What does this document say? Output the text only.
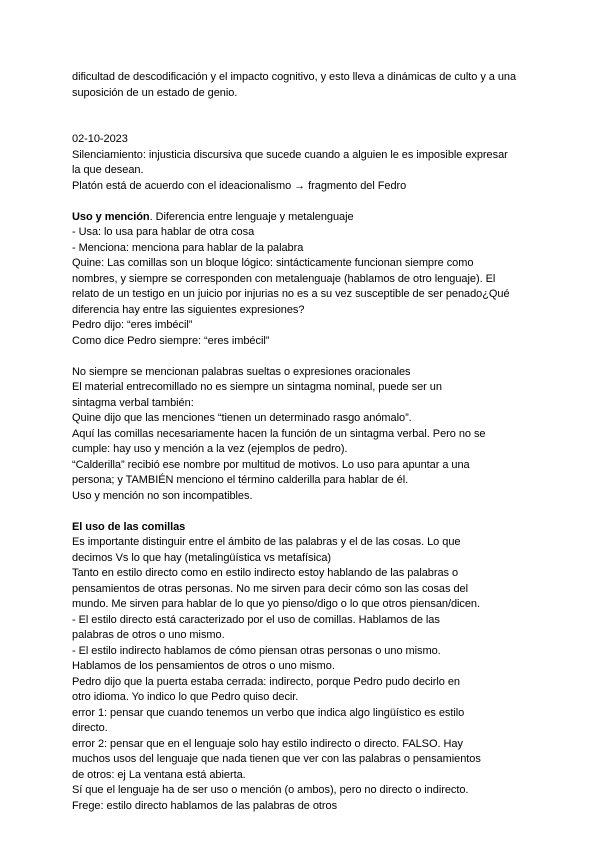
dificultad de descodificación y el impacto cognitivo, y esto lleva a dinámicas de culto y a una
suposición de un estado de genio.
02-10-2023
Silenciamiento: injusticia discursiva que sucede cuando a alguien le es imposible expresar
la que desean.
Platón está de acuerdo con el ideacionalismo → fragmento del Fedro
Uso y mención. Diferencia entre lenguaje y metalenguaje
- Usa: lo usa para hablar de otra cosa
- Menciona: menciona para hablar de la palabra
Quine: Las comillas son un bloque lógico: sintácticamente funcionan siempre como
nombres, y siempre se corresponden con metalenguaje (hablamos de otro lenguaje). El
relato de un testigo en un juicio por injurias no es a su vez susceptible de ser penado¿Qué
diferencia hay entre las siguientes expresiones?
Pedro dijo: “eres imbécil”
Como dice Pedro siempre: “eres imbécil”
No siempre se mencionan palabras sueltas o expresiones oracionales
El material entrecomillado no es siempre un sintagma nominal, puede ser un
sintagma verbal también:
Quine dijo que las menciones “tienen un determinado rasgo anómalo”.
Aquí las comillas necesariamente hacen la función de un sintagma verbal. Pero no se
cumple: hay uso y mención a la vez (ejemplos de pedro).
“Calderilla” recibió ese nombre por multitud de motivos. Lo uso para apuntar a una
persona; y TAMBIÉN menciono el término calderilla para hablar de él.
Uso y mención no son incompatibles.
El uso de las comillas
Es importante distinguir entre el ámbito de las palabras y el de las cosas. Lo que
decimos Vs lo que hay (metalingüística vs metafísica)
Tanto en estilo directo como en estilo indirecto estoy hablando de las palabras o
pensamientos de otras personas. No me sirven para decir cómo son las cosas del
mundo. Me sirven para hablar de lo que yo pienso/digo o lo que otros piensan/dicen.
- El estilo directo está caracterizado por el uso de comillas. Hablamos de las
palabras de otros o uno mismo.
- El estilo indirecto hablamos de cómo piensan otras personas o uno mismo.
Hablamos de los pensamientos de otros o uno mismo.
Pedro dijo que la puerta estaba cerrada: indirecto, porque Pedro pudo decirlo en
otro idioma. Yo indico lo que Pedro quiso decir.
error 1: pensar que cuando tenemos un verbo que indica algo lingüístico es estilo
directo.
error 2: pensar que en el lenguaje solo hay estilo indirecto o directo. FALSO. Hay
muchos usos del lenguaje que nada tienen que ver con las palabras o pensamientos
de otros: ej La ventana está abierta.
Sí que el lenguaje ha de ser uso o mención (o ambos), pero no directo o indirecto.
Frege: estilo directo hablamos de las palabras de otros
